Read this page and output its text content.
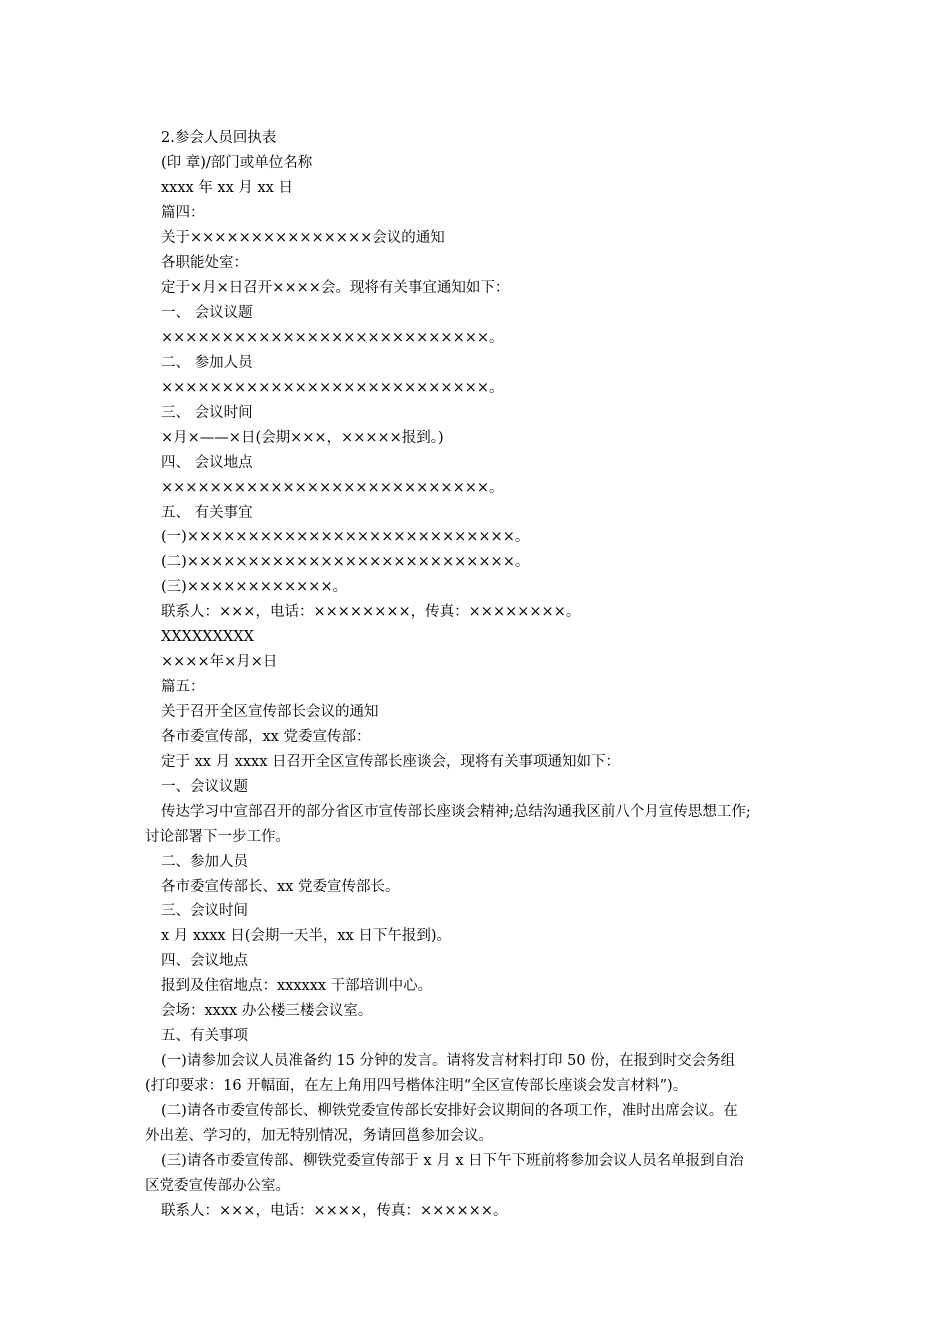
2.参会人员回执表
(印 章)/部门或单位名称
xxxx 年 xx 月 xx 日
篇四：
关于×××××××××××××××会议的通知
各职能处室：
定于×月×日召开××××会。现将有关事宜通知如下：
一、 会议议题
×××××××××××××××××××××××××××。
二、 参加人员
×××××××××××××××××××××××××××。
三、 会议时间
×月×——×日(会期×××，×××××报到。)
四、 会议地点
×××××××××××××××××××××××××××。
五、 有关事宜
(一)×××××××××××××××××××××××××××。
(二)×××××××××××××××××××××××××××。
(三)××××××××××××。
联系人：×××，电话：××××××××，传真：××××××××。
XXXXXXXXX
××××年×月×日
篇五：
关于召开全区宣传部长会议的通知
各市委宣传部，xx 党委宣传部：
定于 xx 月 xxxx 日召开全区宣传部长座谈会，现将有关事项通知如下：
一、会议议题
传达学习中宣部召开的部分省区市宣传部长座谈会精神;总结沟通我区前八个月宣传思想工作;
讨论部署下一步工作。
二、参加人员
各市委宣传部长、xx 党委宣传部长。
三、会议时间
x 月 xxxx 日(会期一天半，xx 日下午报到)。
四、会议地点
报到及住宿地点：xxxxxx 干部培训中心。
会场：xxxx 办公楼三楼会议室。
五、有关事项
(一)请参加会议人员准备约 15 分钟的发言。请将发言材料打印 50 份，在报到时交会务组
(打印要求：16 开幅面，在左上角用四号楷体注明“全区宣传部长座谈会发言材料”)。
(二)请各市委宣传部长、柳铁党委宣传部长安排好会议期间的各项工作，准时出席会议。在
外出差、学习的，加无特别情况，务请回邕参加会议。
(三)请各市委宣传部、柳铁党委宣传部于 x 月 x 日下午下班前将参加会议人员名单报到自治
区党委宣传部办公室。
联系人：×××，电话：××××，传真：××××××。
